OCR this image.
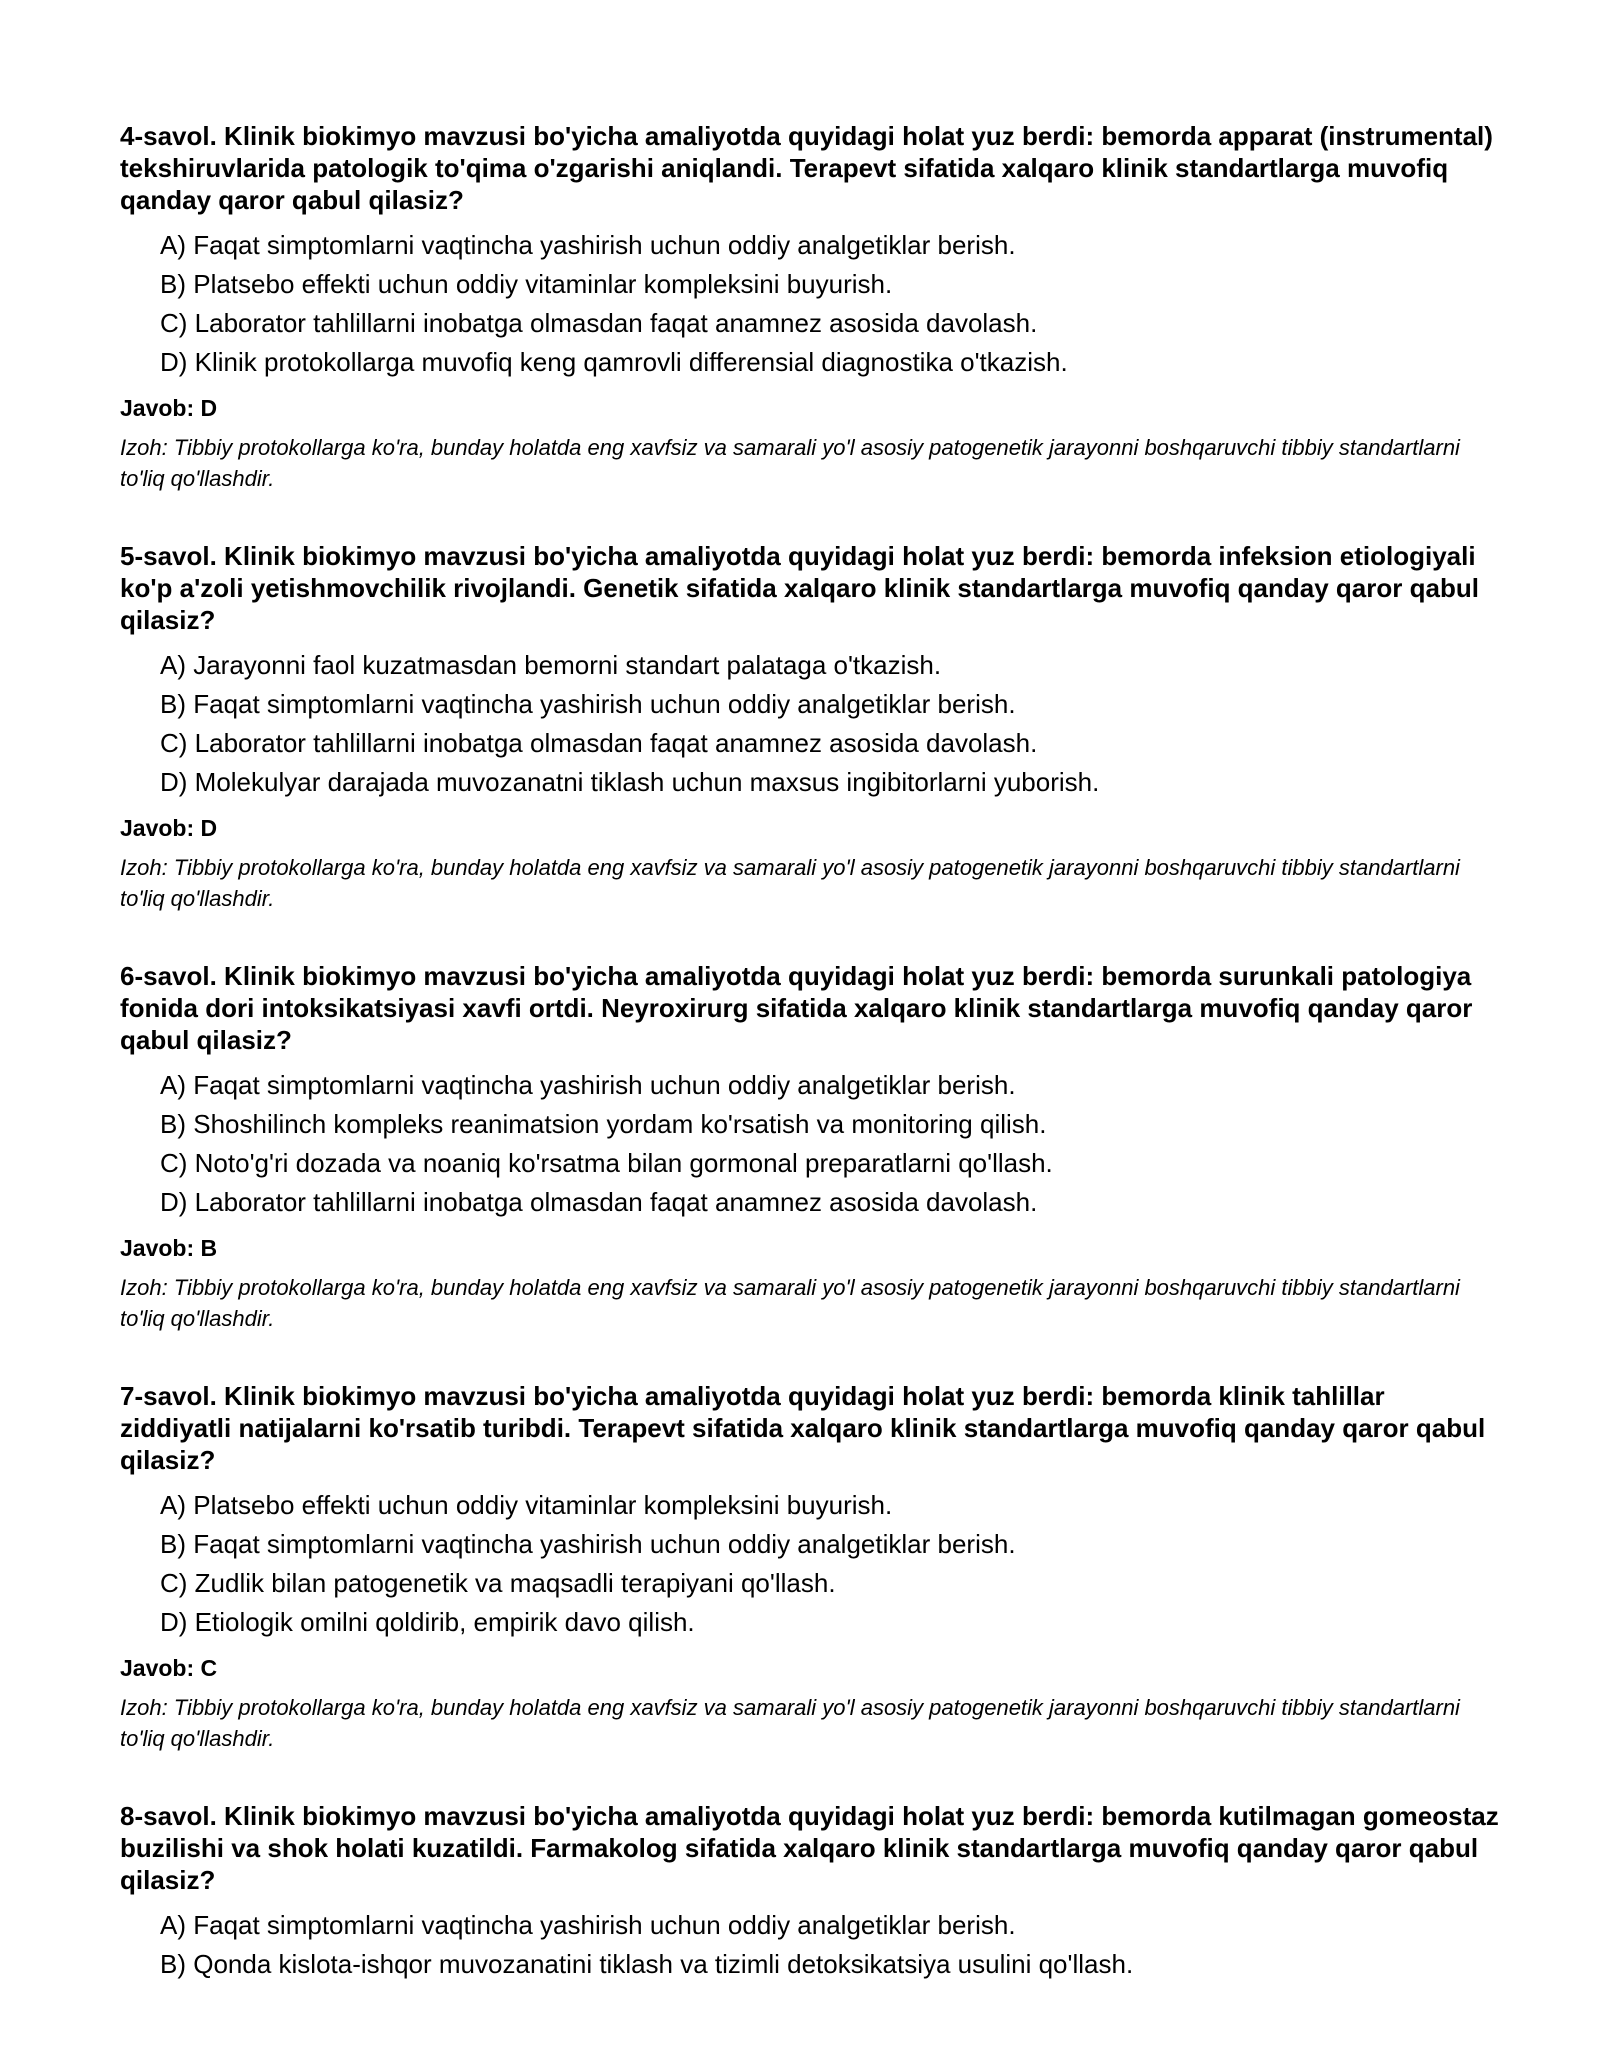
4-savol. Klinik biokimyo mavzusi bo'yicha amaliyotda quyidagi holat yuz berdi: bemorda apparat (instrumental) tekshiruvlarida patologik to'qima o'zgarishi aniqlandi. Terapevt sifatida xalqaro klinik standartlarga muvofiq qanday qaror qabul qilasiz?
A) Faqat simptomlarni vaqtincha yashirish uchun oddiy analgetiklar berish.
B) Platsebo effekti uchun oddiy vitaminlar kompleksini buyurish.
C) Laborator tahlillarni inobatga olmasdan faqat anamnez asosida davolash.
D) Klinik protokollarga muvofiq keng qamrovli differensial diagnostika o'tkazish.
Javob: D
Izoh: Tibbiy protokollarga ko'ra, bunday holatda eng xavfsiz va samarali yo'l asosiy patogenetik jarayonni boshqaruvchi tibbiy standartlarni to'liq qo'llashdir.
5-savol. Klinik biokimyo mavzusi bo'yicha amaliyotda quyidagi holat yuz berdi: bemorda infeksion etiologiyali ko'p a'zoli yetishmovchilik rivojlandi. Genetik sifatida xalqaro klinik standartlarga muvofiq qanday qaror qabul qilasiz?
A) Jarayonni faol kuzatmasdan bemorni standart palataga o'tkazish.
B) Faqat simptomlarni vaqtincha yashirish uchun oddiy analgetiklar berish.
C) Laborator tahlillarni inobatga olmasdan faqat anamnez asosida davolash.
D) Molekulyar darajada muvozanatni tiklash uchun maxsus ingibitorlarni yuborish.
Javob: D
Izoh: Tibbiy protokollarga ko'ra, bunday holatda eng xavfsiz va samarali yo'l asosiy patogenetik jarayonni boshqaruvchi tibbiy standartlarni to'liq qo'llashdir.
6-savol. Klinik biokimyo mavzusi bo'yicha amaliyotda quyidagi holat yuz berdi: bemorda surunkali patologiya fonida dori intoksikatsiyasi xavfi ortdi. Neyroxirurg sifatida xalqaro klinik standartlarga muvofiq qanday qaror qabul qilasiz?
A) Faqat simptomlarni vaqtincha yashirish uchun oddiy analgetiklar berish.
B) Shoshilinch kompleks reanimatsion yordam ko'rsatish va monitoring qilish.
C) Noto'g'ri dozada va noaniq ko'rsatma bilan gormonal preparatlarni qo'llash.
D) Laborator tahlillarni inobatga olmasdan faqat anamnez asosida davolash.
Javob: B
Izoh: Tibbiy protokollarga ko'ra, bunday holatda eng xavfsiz va samarali yo'l asosiy patogenetik jarayonni boshqaruvchi tibbiy standartlarni to'liq qo'llashdir.
7-savol. Klinik biokimyo mavzusi bo'yicha amaliyotda quyidagi holat yuz berdi: bemorda klinik tahlillar ziddiyatli natijalarni ko'rsatib turibdi. Terapevt sifatida xalqaro klinik standartlarga muvofiq qanday qaror qabul qilasiz?
A) Platsebo effekti uchun oddiy vitaminlar kompleksini buyurish.
B) Faqat simptomlarni vaqtincha yashirish uchun oddiy analgetiklar berish.
C) Zudlik bilan patogenetik va maqsadli terapiyani qo'llash.
D) Etiologik omilni qoldirib, empirik davo qilish.
Javob: C
Izoh: Tibbiy protokollarga ko'ra, bunday holatda eng xavfsiz va samarali yo'l asosiy patogenetik jarayonni boshqaruvchi tibbiy standartlarni to'liq qo'llashdir.
8-savol. Klinik biokimyo mavzusi bo'yicha amaliyotda quyidagi holat yuz berdi: bemorda kutilmagan gomeostaz buzilishi va shok holati kuzatildi. Farmakolog sifatida xalqaro klinik standartlarga muvofiq qanday qaror qabul qilasiz?
A) Faqat simptomlarni vaqtincha yashirish uchun oddiy analgetiklar berish.
B) Qonda kislota-ishqor muvozanatini tiklash va tizimli detoksikatsiya usulini qo'llash.
